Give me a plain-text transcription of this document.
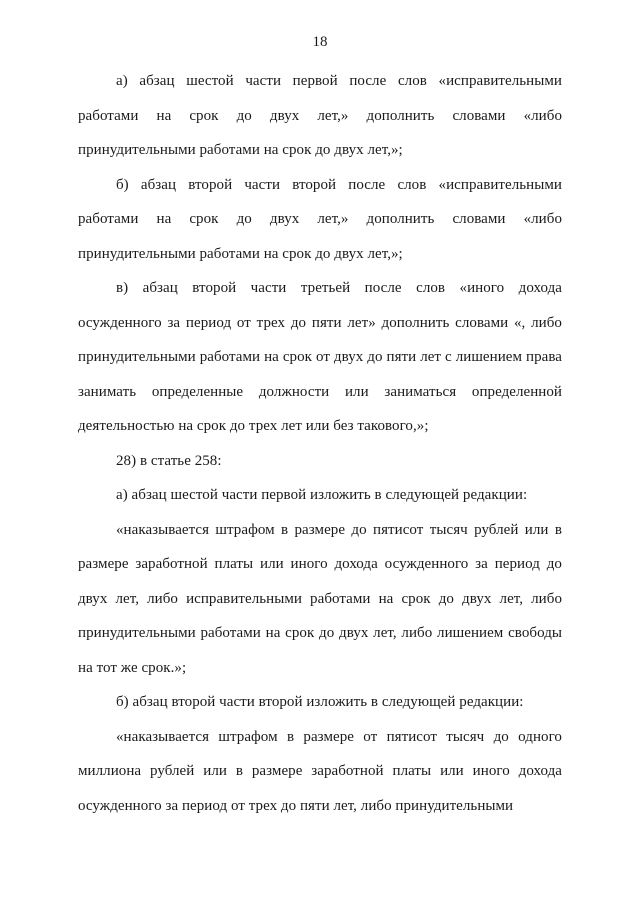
18

а) абзац шестой части первой после слов «исправительными работами на срок до двух лет,» дополнить словами «либо принудительными работами на срок до двух лет,»;

б) абзац второй части второй после слов «исправительными работами на срок до двух лет,» дополнить словами «либо принудительными работами на срок до двух лет,»;

в) абзац второй части третьей после слов «иного дохода осужденного за период от трех до пяти лет» дополнить словами «, либо принудительными работами на срок от двух до пяти лет с лишением права занимать определенные должности или заниматься определенной деятельностью на срок до трех лет или без такового,»;

28) в статье 258:

а) абзац шестой части первой изложить в следующей редакции:

«наказывается штрафом в размере до пятисот тысяч рублей или в размере заработной платы или иного дохода осужденного за период до двух лет, либо исправительными работами на срок до двух лет, либо принудительными работами на срок до двух лет, либо лишением свободы на тот же срок.»;

б) абзац второй части второй изложить в следующей редакции:

«наказывается штрафом в размере от пятисот тысяч до одного миллиона рублей или в размере заработной платы или иного дохода осужденного за период от трех до пяти лет, либо принудительными
